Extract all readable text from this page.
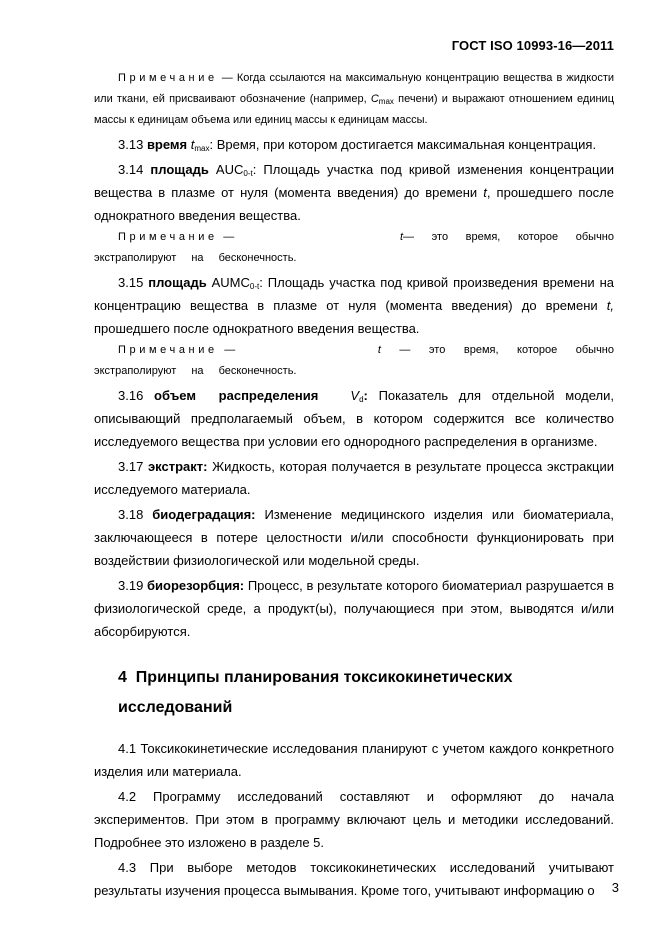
ГОСТ ISO 10993-16—2011

Примечание — Когда ссылаются на максимальную концентрацию вещества в жидкости или ткани, ей присваивают обозначение (например, $C_{max}$ печени) и выражают отношением единиц массы к единицам объема или единиц массы к единицам массы.

3.13 время $t_{max}$: Время, при котором достигается максимальная концентрация.

3.14 площадь $AUC_{0-t}$: Площадь участка под кривой изменения концентрации вещества в плазме от нуля (момента введения) до времени t, прошедшего после однократного введения вещества.

Примечание —	t— это время, которое обычно экстраполируют на бесконечность.

3.15 площадь $AUMC_{0-t}$: Площадь участка под кривой произведения времени на концентрацию вещества в плазме от нуля (момента введения) до времени t, прошедшего после однократного введения вещества.

Примечание —	t — это время, которое обычно экстраполируют на бесконечность.

3.16 объем распределения $V_d$: Показатель для отдельной модели, описывающий предполагаемый объем, в котором содержится все количество исследуемого вещества при условии его однородного распределения в организме.

3.17 экстракт: Жидкость, которая получается в результате процесса экстракции исследуемого материала.

3.18 биодеградация: Изменение медицинского изделия или биоматериала, заключающееся в потере целостности и/или способности функционировать при воздействии физиологической или модельной среды.

3.19 биорезорбция: Процесс, в результате которого биоматериал разрушается в физиологической среде, а продукт(ы), получающиеся при этом, выводятся и/или абсорбируются.

4 Принципы планирования токсикокинетических исследований

4.1 Токсикокинетические исследования планируют с учетом каждого конкретного изделия или материала.

4.2 Программу исследований составляют и оформляют до начала экспериментов. При этом в программу включают цель и методики исследований. Подробнее это изложено в разделе 5.

4.3 При выборе методов токсикокинетических исследований учитывают результаты изучения процесса вымывания. Кроме того, учитывают информацию о	3
